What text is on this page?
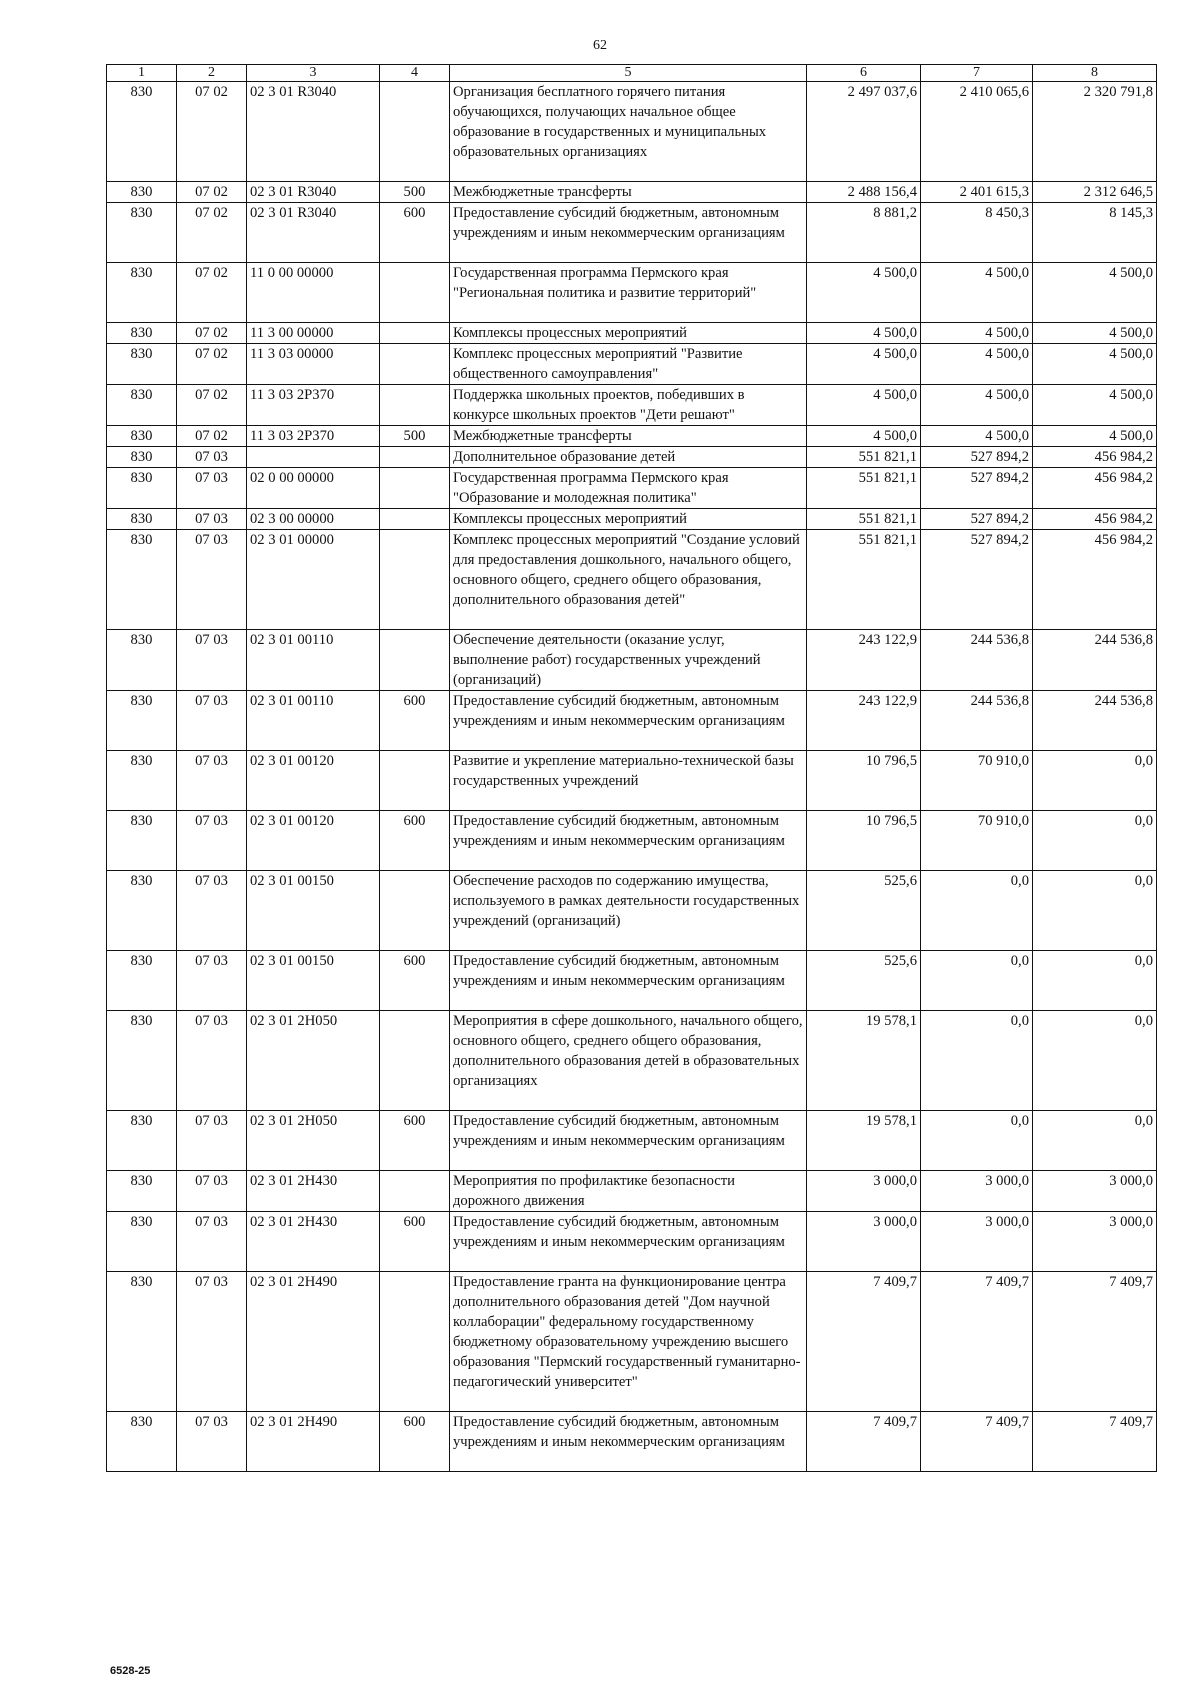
62
1	2	3	4	5	6	7	8
830	07 02	02 3 01 R3040		Организация бесплатного горячего питания обучающихся, получающих начальное общее образование в государственных и муниципальных образовательных организациях	2 497 037,6	2 410 065,6	2 320 791,8
830	07 02	02 3 01 R3040	500	Межбюджетные трансферты	2 488 156,4	2 401 615,3	2 312 646,5
830	07 02	02 3 01 R3040	600	Предоставление субсидий бюджетным, автономным учреждениям и иным некоммерческим организациям	8 881,2	8 450,3	8 145,3
830	07 02	11 0 00 00000		Государственная программа Пермского края "Региональная политика и развитие территорий"	4 500,0	4 500,0	4 500,0
830	07 02	11 3 00 00000		Комплексы процессных мероприятий	4 500,0	4 500,0	4 500,0
830	07 02	11 3 03 00000		Комплекс процессных мероприятий "Развитие общественного самоуправления"	4 500,0	4 500,0	4 500,0
830	07 02	11 3 03 2P370		Поддержка школьных проектов, победивших в конкурсе школьных проектов "Дети решают"	4 500,0	4 500,0	4 500,0
830	07 02	11 3 03 2P370	500	Межбюджетные трансферты	4 500,0	4 500,0	4 500,0
830	07 03			Дополнительное образование детей	551 821,1	527 894,2	456 984,2
830	07 03	02 0 00 00000		Государственная программа Пермского края "Образование и молодежная политика"	551 821,1	527 894,2	456 984,2
830	07 03	02 3 00 00000		Комплексы процессных мероприятий	551 821,1	527 894,2	456 984,2
830	07 03	02 3 01 00000		Комплекс процессных мероприятий "Создание условий для предоставления дошкольного, начального общего, основного общего, среднего общего образования, дополнительного образования детей"	551 821,1	527 894,2	456 984,2
830	07 03	02 3 01 00110		Обеспечение деятельности (оказание услуг, выполнение работ) государственных учреждений (организаций)	243 122,9	244 536,8	244 536,8
830	07 03	02 3 01 00110	600	Предоставление субсидий бюджетным, автономным учреждениям и иным некоммерческим организациям	243 122,9	244 536,8	244 536,8
830	07 03	02 3 01 00120		Развитие и укрепление материально-технической базы государственных учреждений	10 796,5	70 910,0	0,0
830	07 03	02 3 01 00120	600	Предоставление субсидий бюджетным, автономным учреждениям и иным некоммерческим организациям	10 796,5	70 910,0	0,0
830	07 03	02 3 01 00150		Обеспечение расходов по содержанию имущества, используемого в рамках деятельности государственных учреждений (организаций)	525,6	0,0	0,0
830	07 03	02 3 01 00150	600	Предоставление субсидий бюджетным, автономным учреждениям и иным некоммерческим организациям	525,6	0,0	0,0
830	07 03	02 3 01 2H050		Мероприятия в сфере дошкольного, начального общего, основного общего, среднего общего образования, дополнительного образования детей в образовательных организациях	19 578,1	0,0	0,0
830	07 03	02 3 01 2H050	600	Предоставление субсидий бюджетным, автономным учреждениям и иным некоммерческим организациям	19 578,1	0,0	0,0
830	07 03	02 3 01 2H430		Мероприятия по профилактике безопасности дорожного движения	3 000,0	3 000,0	3 000,0
830	07 03	02 3 01 2H430	600	Предоставление субсидий бюджетным, автономным учреждениям и иным некоммерческим организациям	3 000,0	3 000,0	3 000,0
830	07 03	02 3 01 2H490		Предоставление гранта на функционирование центра дополнительного образования детей "Дом научной коллаборации" федеральному государственному бюджетному образовательному учреждению высшего образования "Пермский государственный гуманитарно-педагогический университет"	7 409,7	7 409,7	7 409,7
830	07 03	02 3 01 2H490	600	Предоставление субсидий бюджетным, автономным учреждениям и иным некоммерческим организациям	7 409,7	7 409,7	7 409,7
6528-25
